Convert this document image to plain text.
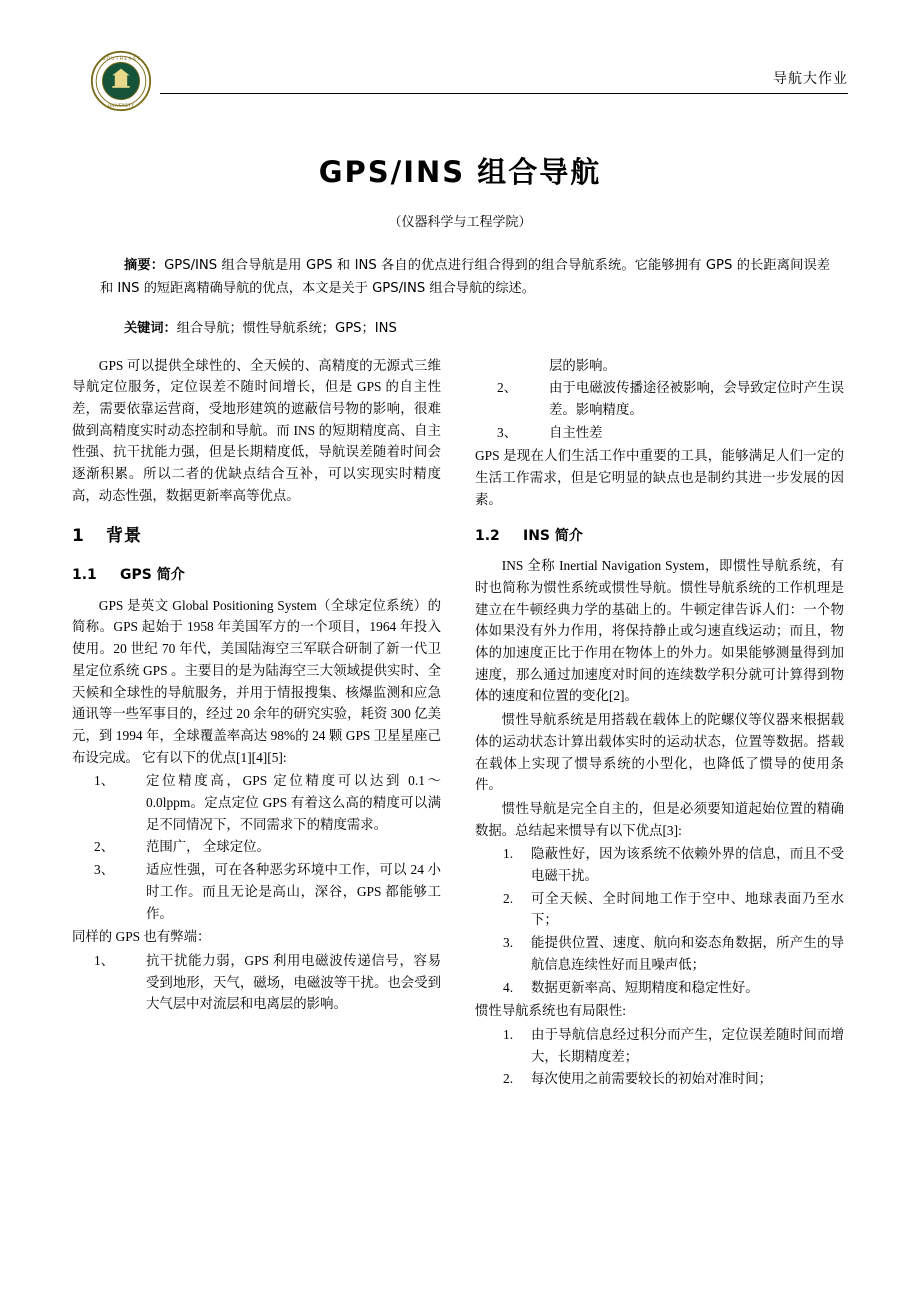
S O U T H E A S T
UNIVERSITY
导航大作业
GPS/INS 组合导航
（仪器科学与工程学院）
摘要：GPS/INS 组合导航是用 GPS 和 INS 各自的优点进行组合得到的组合导航系统。它能够拥有 GPS 的长距离间误差和 INS 的短距离精确导航的优点，本文是关于 GPS/INS 组合导航的综述。
关键词：组合导航；惯性导航系统；GPS；INS

GPS 可以提供全球性的、全天候的、高精度的无源式三维导航定位服务，定位误差不随时间增长，但是 GPS 的自主性差，需要依靠运营商，受地形建筑的遮蔽信号物的影响，很难做到高精度实时动态控制和导航。而 INS 的短期精度高、自主性强、抗干扰能力强，但是长期精度低，导航误差随着时间会逐渐积累。所以二者的优缺点结合互补，可以实现实时精度高，动态性强，数据更新率高等优点。

1 背景
1.1 GPS 简介

GPS 是英文 Global Positioning System（全球定位系统）的简称。GPS 起始于 1958 年美国军方的一个项目，1964 年投入使用。20 世纪 70 年代，美国陆海空三军联合研制了新一代卫星定位系统 GPS 。主要目的是为陆海空三大领域提供实时、全天候和全球性的导航服务，并用于情报搜集、核爆监测和应急通讯等一些军事目的，经过 20 余年的研究实验，耗资 300 亿美元，到 1994 年，全球覆盖率高达 98%的 24 颗 GPS 卫星星座己布设完成。 它有以下的优点[1][4][5]:

1、 定位精度高，GPS 定位精度可以达到 0.1～0.0lppm。定点定位 GPS 有着这么高的精度可以满足不同情况下，不同需求下的精度需求。
2、 范围广， 全球定位。
3、 适应性强，可在各种恶劣环境中工作，可以 24 小时工作。而且无论是高山，深谷，GPS 都能够工作。

同样的 GPS 也有弊端：

1、 抗干扰能力弱，GPS 利用电磁波传递信号，容易受到地形，天气，磁场，电磁波等干扰。也会受到大气层中对流层和电离层的影响。
层的影响。
2、 由于电磁波传播途径被影响，会导致定位时产生误差。影响精度。
3、 自主性差

GPS 是现在人们生活工作中重要的工具，能够满足人们一定的生活工作需求，但是它明显的缺点也是制约其进一步发展的因素。

1.2 INS 简介

INS 全称 Inertial Navigation System，即惯性导航系统，有时也简称为惯性系统或惯性导航。惯性导航系统的工作机理是建立在牛顿经典力学的基础上的。牛顿定律告诉人们：一个物体如果没有外力作用，将保持静止或匀速直线运动；而且，物体的加速度正比于作用在物体上的外力。如果能够测量得到加速度，那么通过加速度对时间的连续数学积分就可计算得到物体的速度和位置的变化[2]。

惯性导航系统是用搭载在载体上的陀螺仪等仪器来根据载体的运动状态计算出载体实时的运动状态，位置等数据。搭载在载体上实现了惯导系统的小型化，也降低了惯导的使用条件。

惯性导航是完全自主的，但是必须要知道起始位置的精确数据。总结起来惯导有以下优点[3]:

1. 隐蔽性好，因为该系统不依赖外界的信息，而且不受电磁干扰。
2. 可全天候、全时间地工作于空中、地球表面乃至水下；
3. 能提供位置、速度、航向和姿态角数据，所产生的导航信息连续性好而且噪声低；
4. 数据更新率高、短期精度和稳定性好。

惯性导航系统也有局限性:

1. 由于导航信息经过积分而产生，定位误差随时间而增大，长期精度差；
2. 每次使用之前需要较长的初始对准时间；
